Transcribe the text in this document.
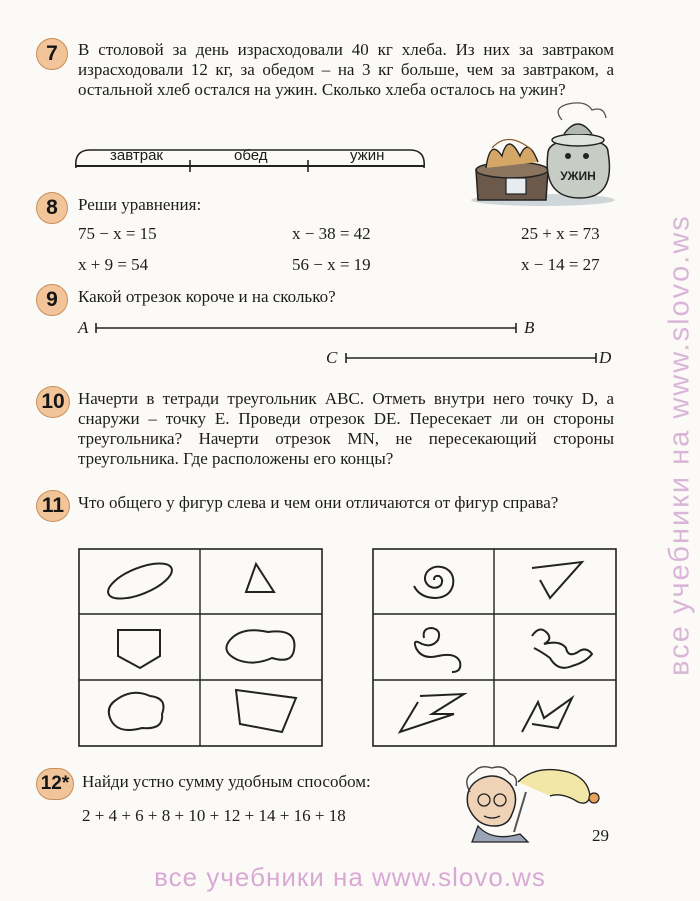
7	В столовой за день израсходовали 40 кг хлеба. Из них за завтраком израсходовали 12 кг, за обедом – на 3 кг больше, чем за завтраком, а остальной хлеб остался на ужин. Сколько хлеба осталось на ужин?
завтрак	обед	ужин
УЖИН
8	Реши уравнения:
75 − x = 15	x − 38 = 42	25 + x = 73
x + 9 = 54	56 − x = 19	x − 14 = 27
9	Какой отрезок короче и на сколько?
A	B
C	D
10 Начерти в тетради треугольник ABC. Отметь внутри него точку D, а снаружи – точку E. Проведи отрезок DE. Пересекает ли он стороны треугольника? Начерти отрезок MN, не пересекающий стороны треугольника. Где расположены его концы?
11 Что общего у фигур слева и чем они отличаются от фигур справа?
12* Найди устно сумму удобным способом:
2 + 4 + 6 + 8 + 10 + 12 + 14 + 16 + 18
29
все учебники на www.slovo.ws
все учебники на www.slovo.ws
